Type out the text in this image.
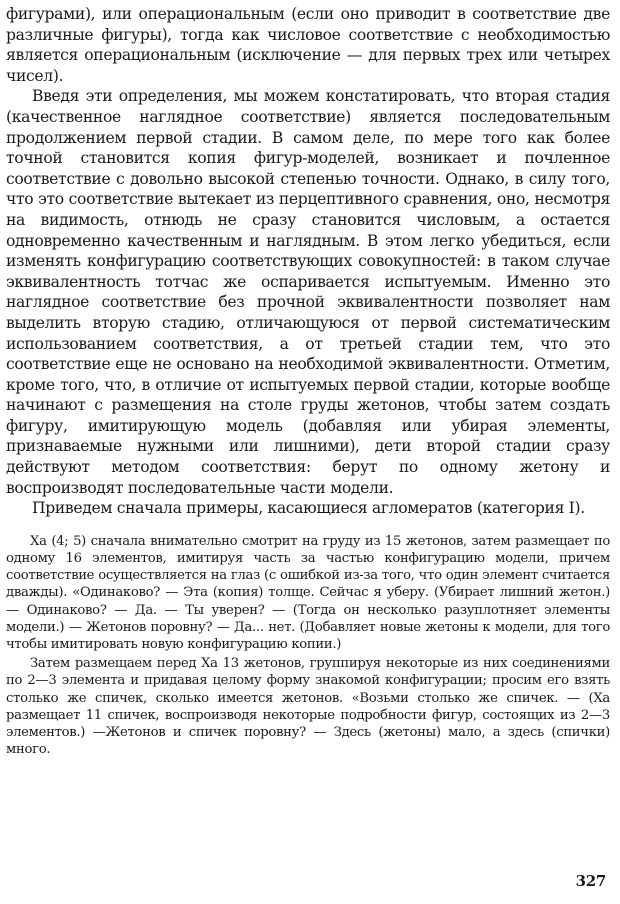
фигурами), или операциональным (если оно приводит в соответствие две различные фигуры), тогда как числовое соответствие с необходимостью является операциональным (исключение — для первых трех или четырех чисел).

Введя эти определения, мы можем констатировать, что вторая стадия (качественное наглядное соответствие) является последовательным продолжением первой стадии. В самом деле, по мере того как более точной становится копия фигур-моделей, возникает и почленное соответствие с довольно высокой степенью точности. Однако, в силу того, что это соответствие вытекает из перцептивного сравнения, оно, несмотря на видимость, отнюдь не сразу становится числовым, а остается одновременно качественным и наглядным. В этом легко убедиться, если изменять конфигурацию соответствующих совокупностей: в таком случае эквивалентность тотчас же оспаривается испытуемым. Именно это наглядное соответствие без прочной эквивалентности позволяет нам выделить вторую стадию, отличающуюся от первой систематическим использованием соответствия, а от третьей стадии тем, что это соответствие еще не основано на необходимой эквивалентности. Отметим, кроме того, что, в отличие от испытуемых первой стадии, которые вообще начинают с размещения на столе груды жетонов, чтобы затем создать фигуру, имитирующую модель (добавляя или убирая элементы, признаваемые нужными или лишними), дети второй стадии сразу действуют методом соответствия: берут по одному жетону и воспроизводят последовательные части модели.

Приведем сначала примеры, касающиеся агломератов (категория I).

Ха (4; 5) сначала внимательно смотрит на груду из 15 жетонов, затем размещает по одному 16 элементов, имитируя часть за частью конфигурацию модели, причем соответствие осуществляется на глаз (с ошибкой из-за того, что один элемент считается дважды). «Одинаково? — Эта (копия) толще. Сейчас я уберу. (Убирает лишний жетон.) — Одинаково? — Да. — Ты уверен? — (Тогда он несколько разуплотняет элементы модели.) — Жетонов поровну? — Да... нет. (Добавляет новые жетоны к модели, для того чтобы имитировать новую конфигурацию копии.)

Затем размещаем перед Ха 13 жетонов, группируя некоторые из них соединениями по 2—3 элемента и придавая целому форму знакомой конфигурации; просим его взять столько же спичек, сколько имеется жетонов. «Возьми столько же спичек. — (Ха размещает 11 спичек, воспроизводя некоторые подробности фигур, состоящих из 2—3 элементов.) —Жетонов и спичек поровну? — Здесь (жетоны) мало, а здесь (спички) много.

327
